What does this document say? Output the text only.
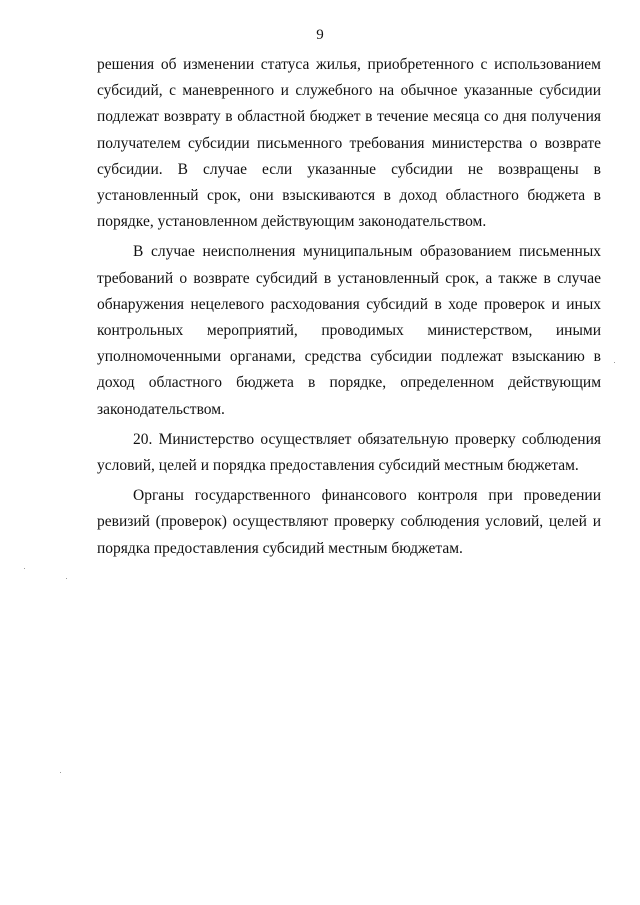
9

решения об изменении статуса жилья, приобретенного с использованием субсидий, с маневренного и служебного на обычное указанные субсидии подлежат возврату в областной бюджет в течение месяца со дня получения получателем субсидии письменного требования министерства о возврате субсидии. В случае если указанные субсидии не возвращены в установленный срок, они взыскиваются в доход областного бюджета в порядке, установленном действующим законодательством.

В случае неисполнения муниципальным образованием письменных требований о возврате субсидий в установленный срок, а также в случае обнаружения нецелевого расходования субсидий в ходе проверок и иных контрольных мероприятий, проводимых министерством, иными уполномоченными органами, средства субсидии подлежат взысканию в доход областного бюджета в порядке, определенном действующим законодательством.

20. Министерство осуществляет обязательную проверку соблюдения условий, целей и порядка предоставления субсидий местным бюджетам.

Органы государственного финансового контроля при проведении ревизий (проверок) осуществляют проверку соблюдения условий, целей и порядка предоставления субсидий местным бюджетам.
